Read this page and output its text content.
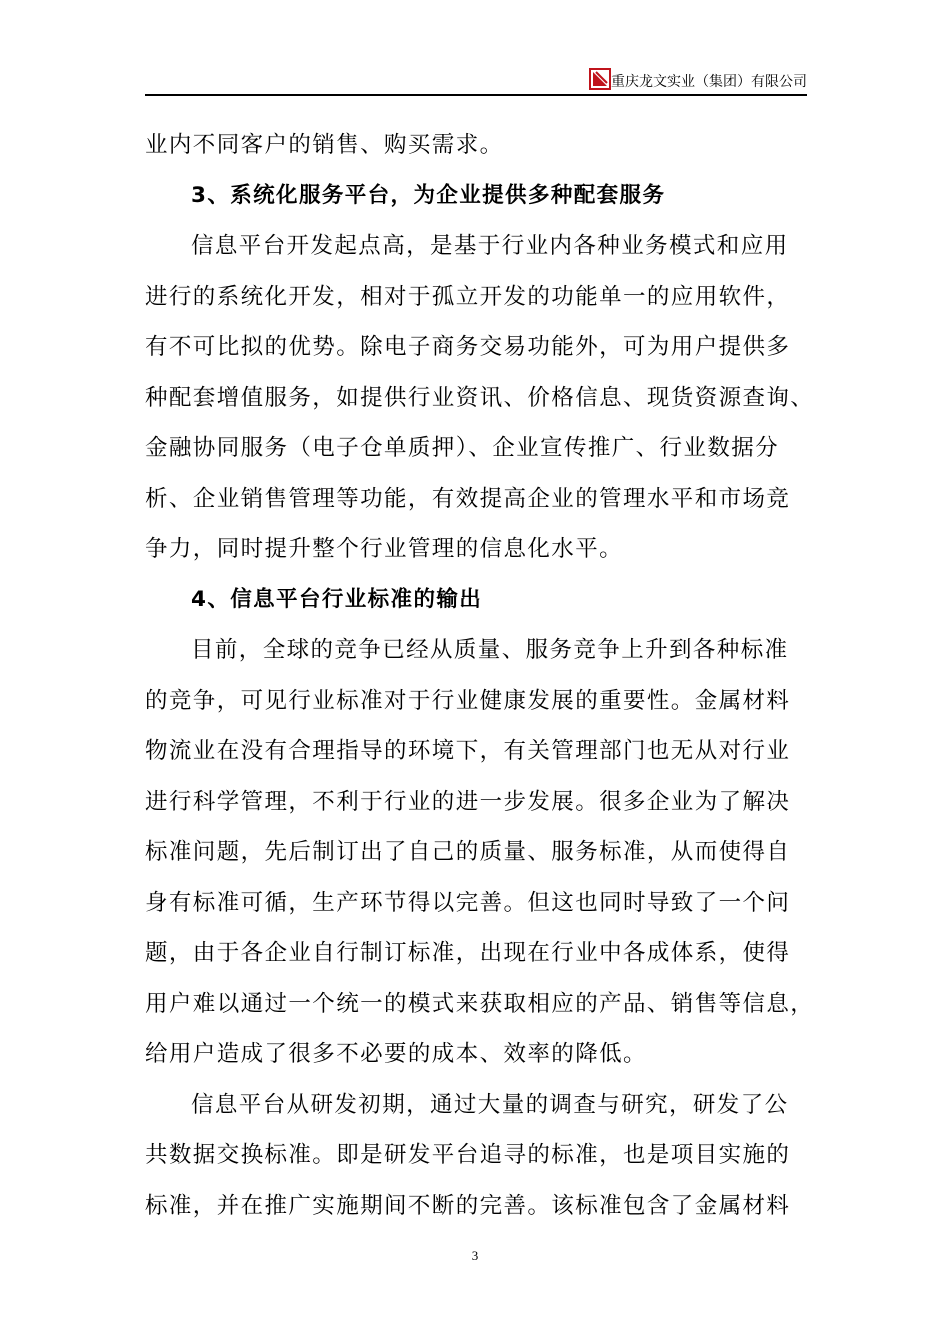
重庆龙文实业（集团）有限公司
业内不同客户的销售、购买需求。
3、系统化服务平台，为企业提供多种配套服务
信息平台开发起点高，是基于行业内各种业务模式和应用
进行的系统化开发，相对于孤立开发的功能单一的应用软件，
有不可比拟的优势。除电子商务交易功能外，可为用户提供多
种配套增值服务，如提供行业资讯、价格信息、现货资源查询、
金融协同服务（电子仓单质押）、企业宣传推广、行业数据分
析、企业销售管理等功能，有效提高企业的管理水平和市场竞
争力，同时提升整个行业管理的信息化水平。
4、信息平台行业标准的输出
目前，全球的竞争已经从质量、服务竞争上升到各种标准
的竞争，可见行业标准对于行业健康发展的重要性。金属材料
物流业在没有合理指导的环境下，有关管理部门也无从对行业
进行科学管理，不利于行业的进一步发展。很多企业为了解决
标准问题，先后制订出了自己的质量、服务标准，从而使得自
身有标准可循，生产环节得以完善。但这也同时导致了一个问
题，由于各企业自行制订标准，出现在行业中各成体系，使得
用户难以通过一个统一的模式来获取相应的产品、销售等信息，
给用户造成了很多不必要的成本、效率的降低。
信息平台从研发初期，通过大量的调查与研究，研发了公
共数据交换标准。即是研发平台追寻的标准，也是项目实施的
标准，并在推广实施期间不断的完善。该标准包含了金属材料
3
